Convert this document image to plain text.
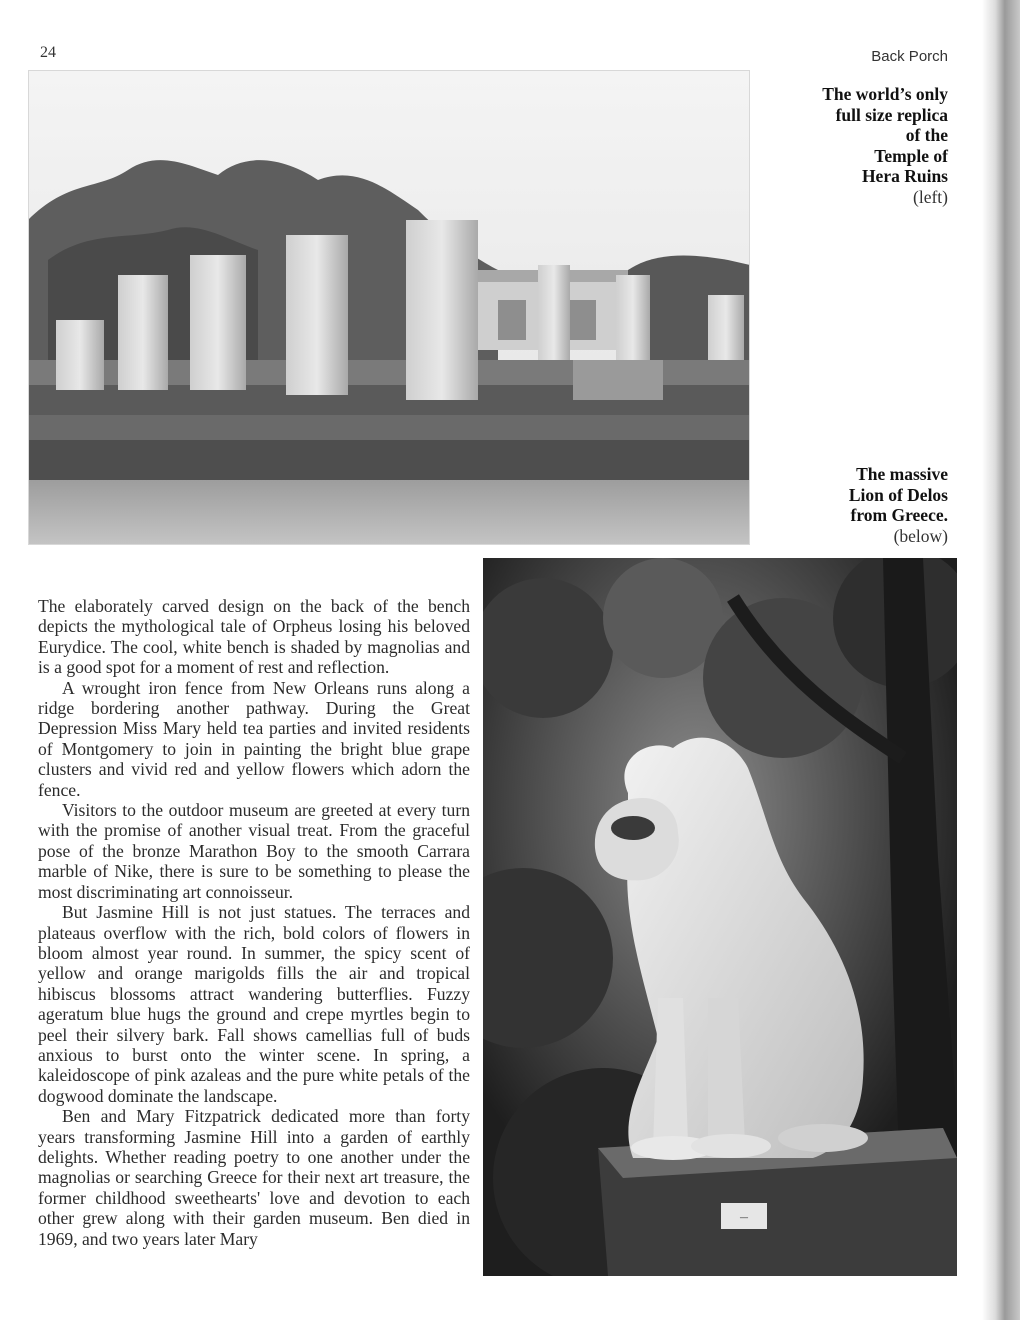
24	Back Porch
The world’s only
full size replica
of the
Temple of
Hera Ruins
(left)
The massive
Lion of Delos
from Greece.
(below)
—

The elaborately carved design on the back of the bench depicts the mythological tale of Orpheus losing his beloved Eurydice. The cool, white bench is shaded by magnolias and is a good spot for a moment of rest and reflection.

A wrought iron fence from New Orleans runs along a ridge bordering another pathway. During the Great Depression Miss Mary held tea parties and invited residents of Montgomery to join in painting the bright blue grape clusters and vivid red and yellow flowers which adorn the fence.

Visitors to the outdoor museum are greeted at every turn with the promise of another visual treat. From the graceful pose of the bronze Marathon Boy to the smooth Carrara marble of Nike, there is sure to be something to please the most discriminating art connoisseur.

But Jasmine Hill is not just statues. The terraces and plateaus overflow with the rich, bold colors of flowers in bloom almost year round. In summer, the spicy scent of yellow and orange marigolds fills the air and tropical hibiscus blossoms attract wandering butterflies. Fuzzy ageratum blue hugs the ground and crepe myrtles begin to peel their silvery bark. Fall shows camellias full of buds anxious to burst onto the winter scene. In spring, a kaleidoscope of pink azaleas and the pure white petals of the dogwood dominate the landscape.

Ben and Mary Fitzpatrick dedicated more than forty years transforming Jasmine Hill into a garden of earthly delights. Whether reading poetry to one another under the magnolias or searching Greece for their next art treasure, the former childhood sweethearts' love and devotion to each other grew along with their garden museum. Ben died in 1969, and two years later Mary
